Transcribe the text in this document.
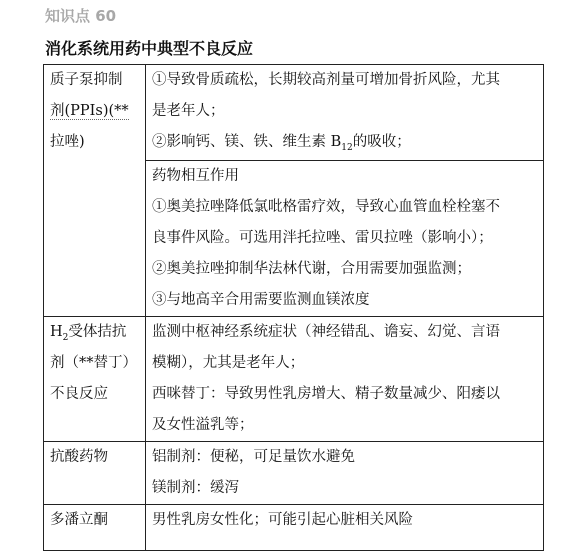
知识点 60
消化系统用药中典型不良反应
质子泵抑制
剂(PPIs)(**
拉唑)	①导致骨质疏松，长期较高剂量可增加骨折风险，尤其
是老年人；
②影响钙、镁、铁、维生素 $B_{12}$的吸收；

	药物相互作用
①奥美拉唑降低氯吡格雷疗效，导致心血管血栓栓塞不
良事件风险。可选用泮托拉唑、雷贝拉唑（影响小）；
②奥美拉唑抑制华法林代谢，合用需要加强监测；
③与地高辛合用需要监测血镁浓度

$H_2$受体拮抗
剂（**替丁）
不良反应	监测中枢神经系统症状（神经错乱、谵妄、幻觉、言语
模糊），尤其是老年人；
西咪替丁：导致男性乳房增大、精子数量减少、阳痿以
及女性溢乳等；

抗酸药物	铝制剂：便秘，可足量饮水避免
镁制剂：缓泻

多潘立酮	男性乳房女性化；可能引起心脏相关风险
